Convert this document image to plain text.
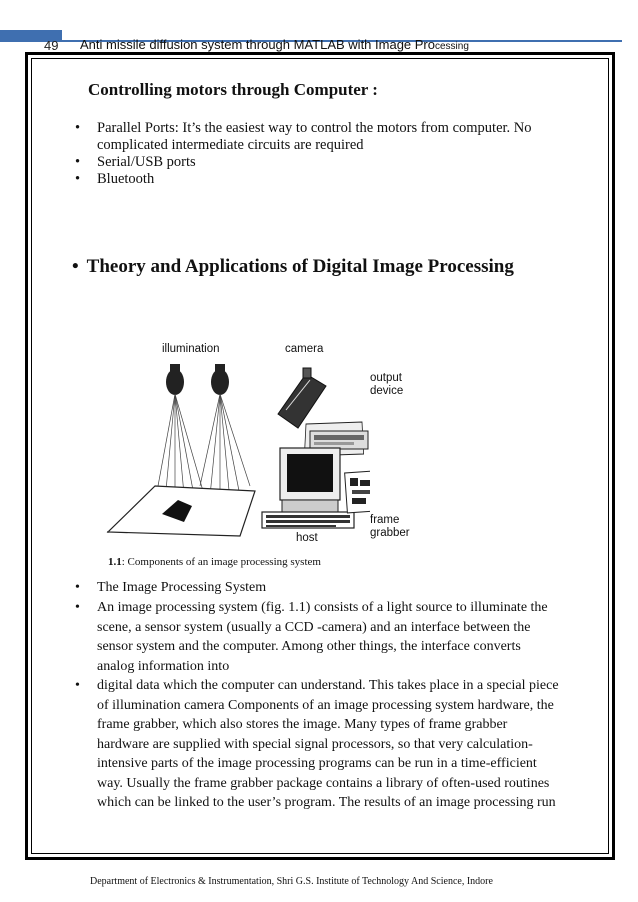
49 Anti missile diffusion system through MATLAB with Image Processing
Controlling motors through Computer :
• Parallel Ports: It’s the easiest way to control the motors from computer. No
complicated intermediate circuits are required
• Serial/USB ports
• Bluetooth
• Theory and Applications of Digital Image Processing
illumination	camera
output
device
frame
grabber
host
1.1: Components of an image processing system
• The Image Processing System
• An image processing system (fig. 1.1) consists of a light source to illuminate the
scene, a sensor system (usually a CCD -camera) and an interface between the
sensor system and the computer. Among other things, the interface converts
analog information into
• digital data which the computer can understand. This takes place in a special piece
of illumination camera Components of an image processing system hardware, the
frame grabber, which also stores the image. Many types of frame grabber
hardware are supplied with special signal processors, so that very calculation-
intensive parts of the image processing programs can be run in a time-efficient
way. Usually the frame grabber package contains a library of often-used routines
which can be linked to the user’s program. The results of an image processing run
Department of Electronics & Instrumentation, Shri G.S. Institute of Technology And Science, Indore
